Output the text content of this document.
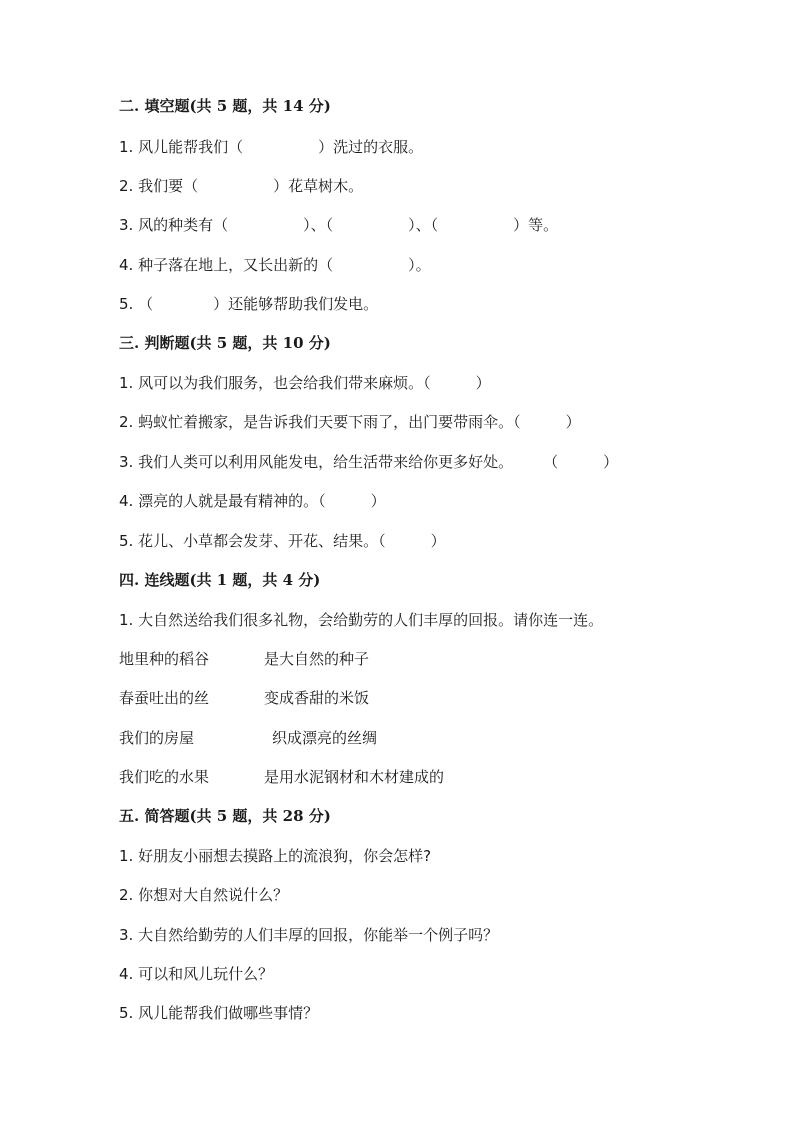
二. 填空题(共 5 题，共 14 分)
1. 风儿能帮我们（　　　　　）洗过的衣服。
2. 我们要（　　　　　）花草树木。
3. 风的种类有（　　　　　）、（　　　　　）、（　　　　　）等。
4. 种子落在地上，又长出新的（　　　　　）。
5. （　　　　）还能够帮助我们发电。
三. 判断题(共 5 题，共 10 分)
1. 风可以为我们服务，也会给我们带来麻烦。（　　　）
2. 蚂蚁忙着搬家，是告诉我们天要下雨了，出门要带雨伞。（　　　）
3. 我们人类可以利用风能发电，给生活带来给你更多好处。　　　（　　　）
4. 漂亮的人就是最有精神的。（　　　）
5. 花儿、小草都会发芽、开花、结果。（　　　）
四. 连线题(共 1 题，共 4 分)
1. 大自然送给我们很多礼物，会给勤劳的人们丰厚的回报。请你连一连。
地里种的稻谷	是大自然的种子
春蚕吐出的丝	变成香甜的米饭
我们的房屋	织成漂亮的丝绸
我们吃的水果	是用水泥钢材和木材建成的
五. 简答题(共 5 题，共 28 分)
1. 好朋友小丽想去摸路上的流浪狗，你会怎样?
2. 你想对大自然说什么？
3. 大自然给勤劳的人们丰厚的回报，你能举一个例子吗？
4. 可以和风儿玩什么？
5. 风儿能帮我们做哪些事情？
